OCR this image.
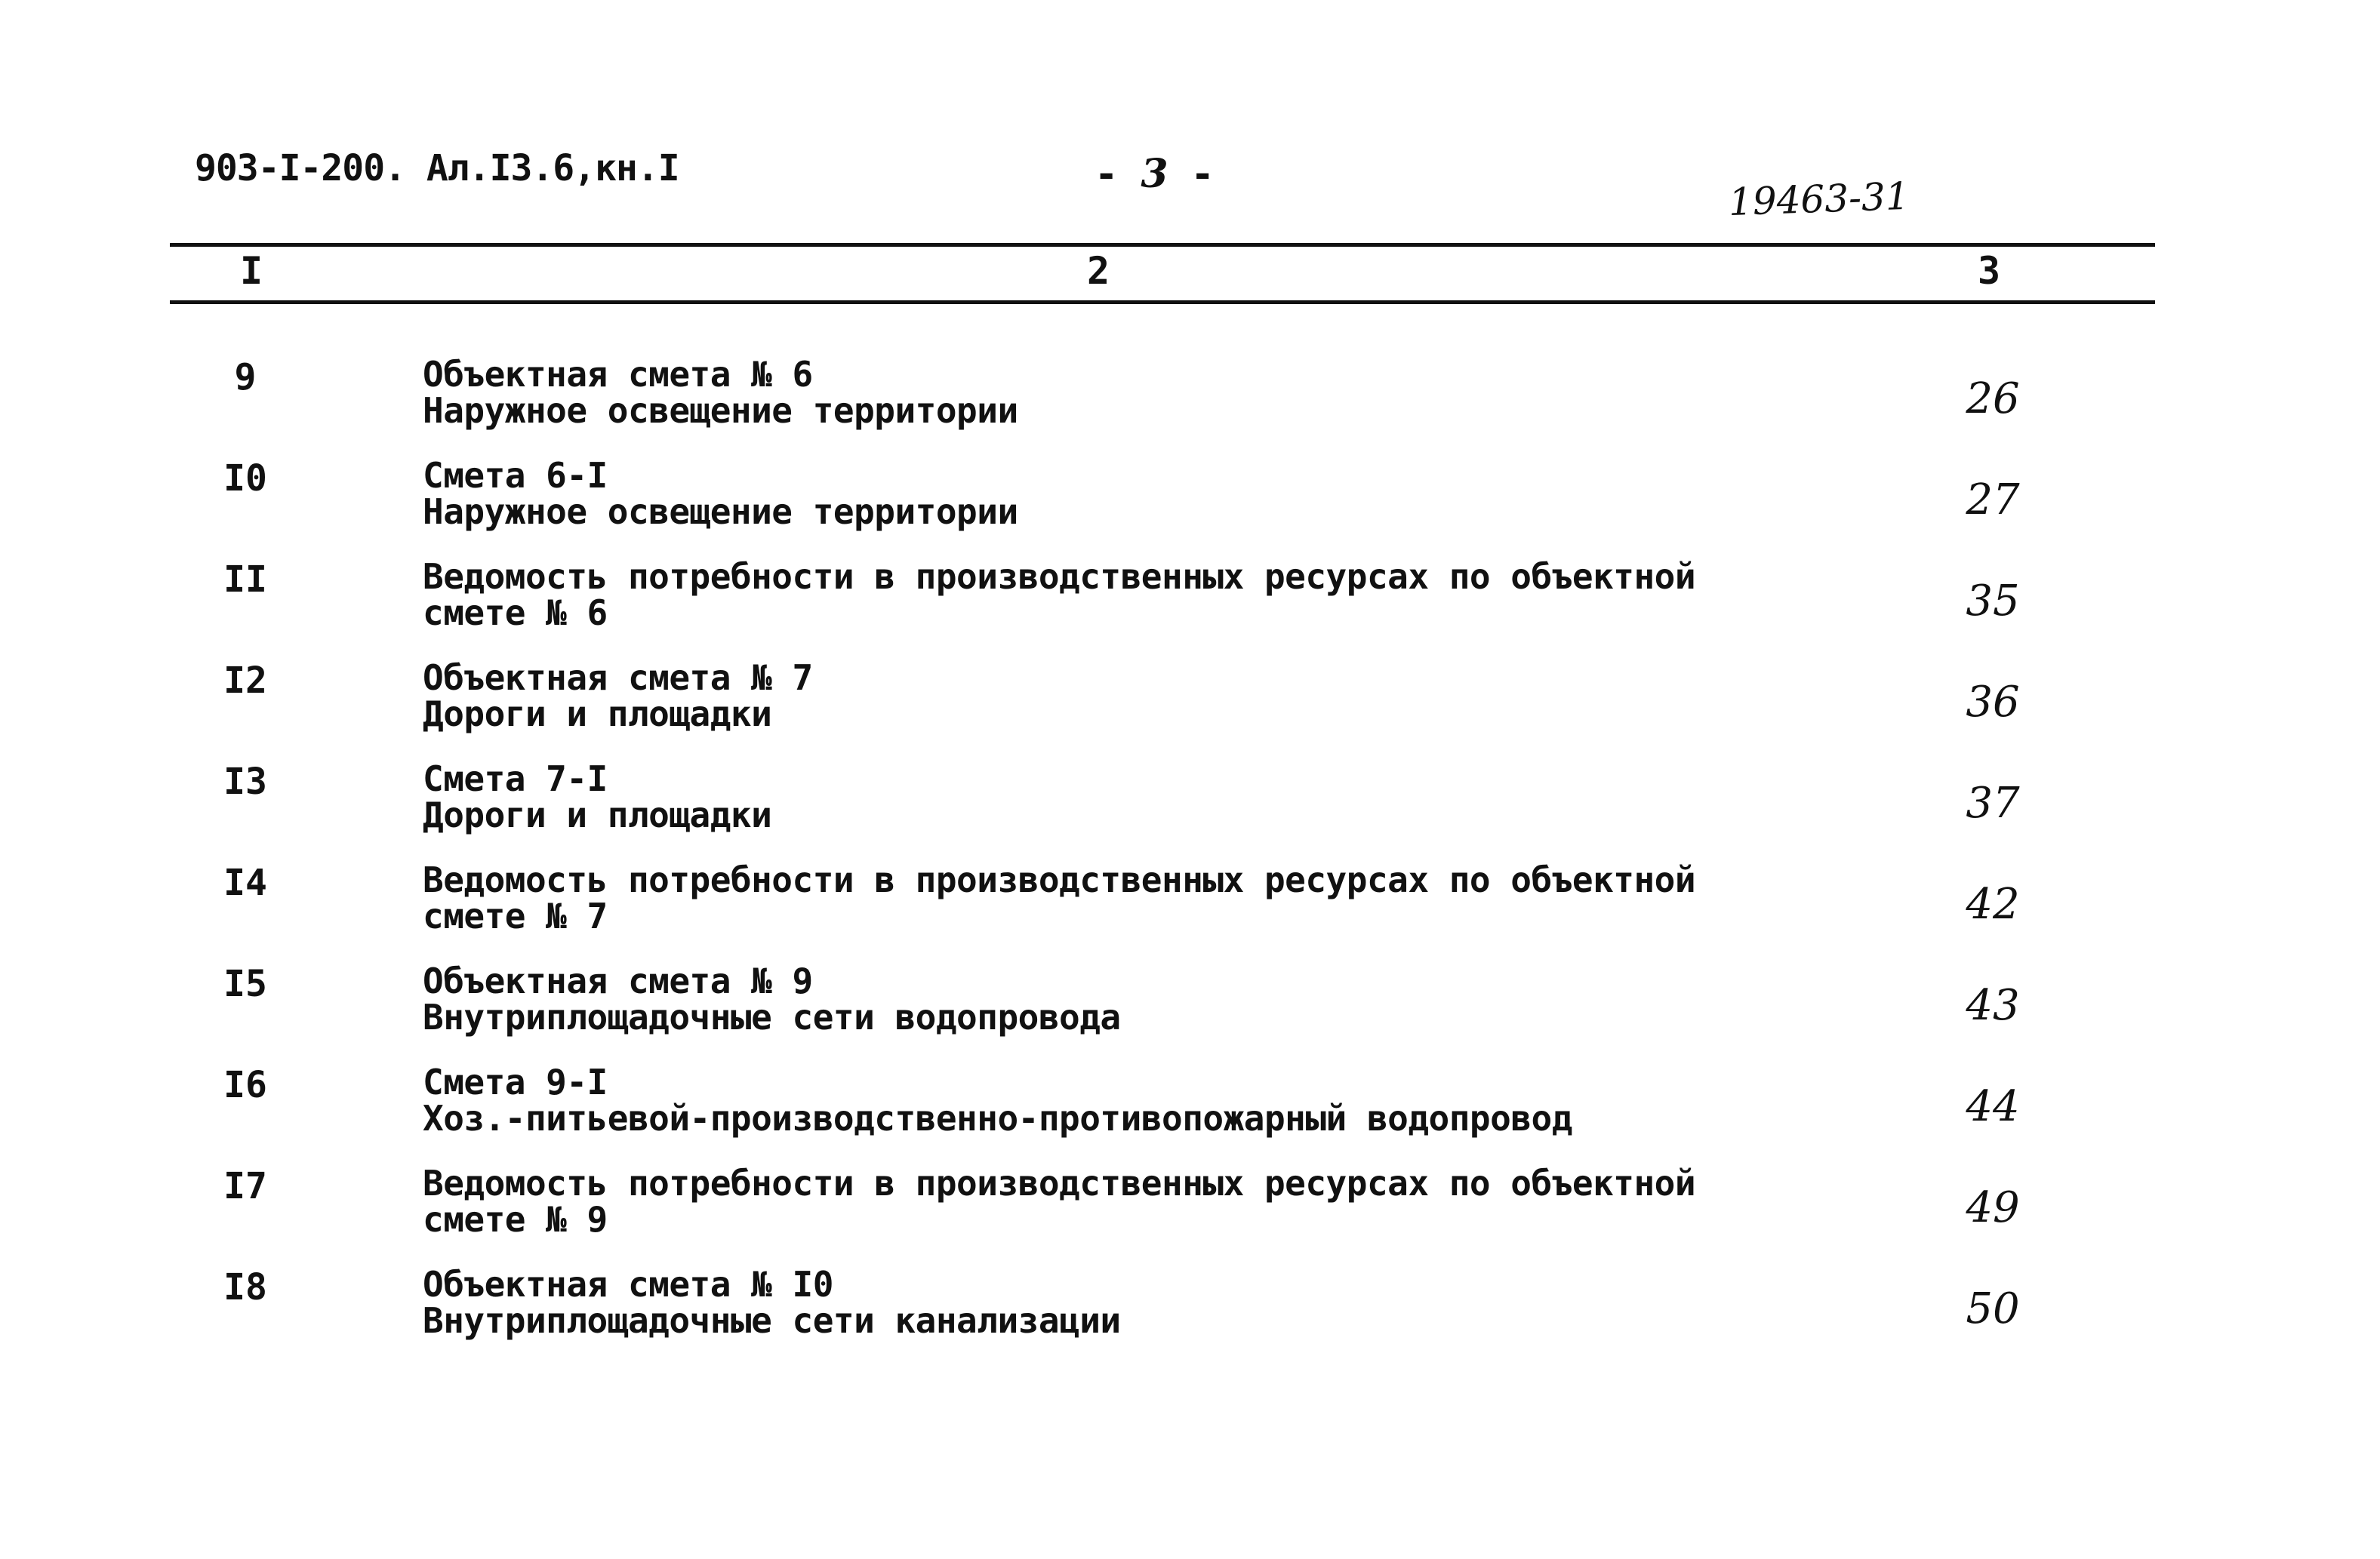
903-I-200. Ал.I3.6,кн.I	- 3 -	19463-31
I	2	3
9	Объектная смета № 6
Наружное освещение территории	26
I0	Смета 6-I
Наружное освещение территории	27
II	Ведомость потребности в производственных ресурсах по объектной
смете № 6	35
I2	Объектная смета № 7
Дороги и площадки	36
I3	Смета 7-I
Дороги и площадки	37
I4	Ведомость потребности в производственных ресурсах по объектной
смете № 7	42
I5	Объектная смета № 9
Внутриплощадочные сети водопровода	43
I6	Смета 9-I
Хоз.-питьевой-производственно-противопожарный водопровод	44
I7	Ведомость потребности в производственных ресурсах по объектной
смете № 9	49
I8	Объектная смета № I0
Внутриплощадочные сети канализации	50
